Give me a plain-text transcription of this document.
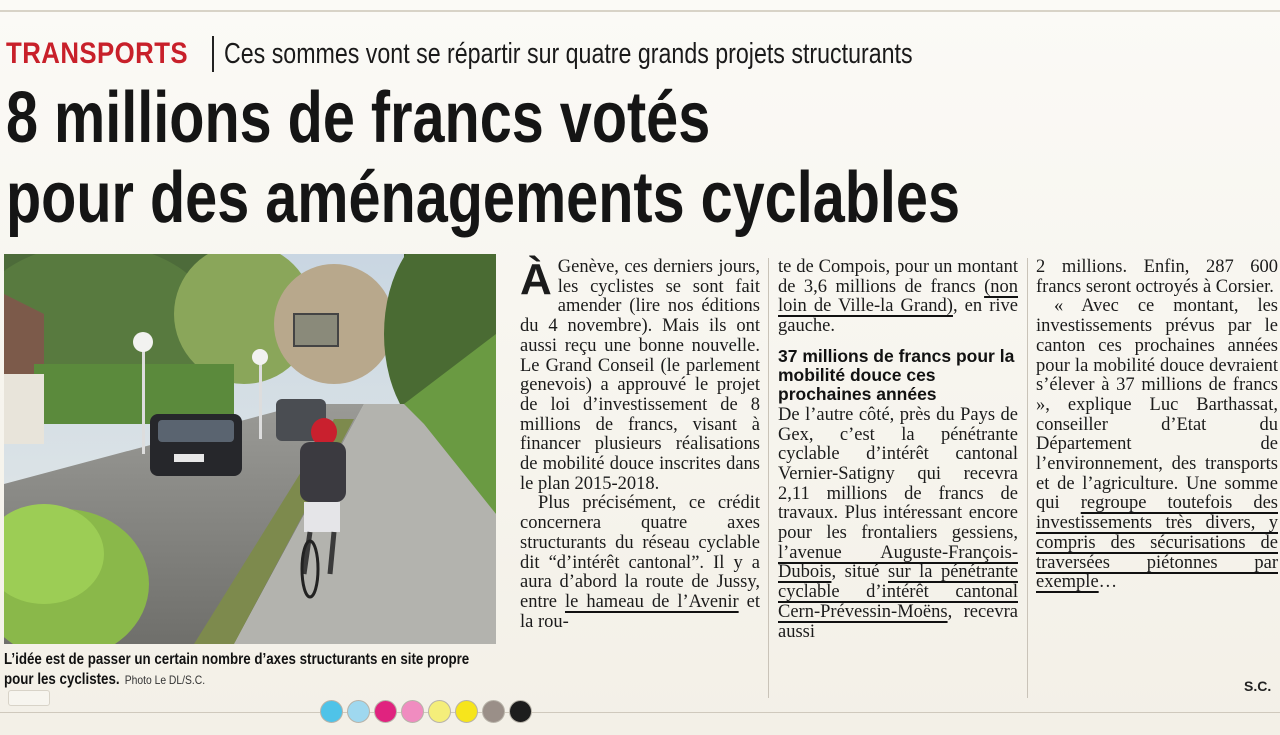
TRANSPORTS Ces sommes vont se répartir sur quatre grands projets structurants
8 millions de francs votés
pour des aménagements cyclables
L’idée est de passer un certain nombre d’axes structurants en site propre pour les cyclistes. Photo Le DL/S.C.

À Genève, ces derniers jours, les cyclistes se sont fait amender (lire nos éditions du 4 novembre). Mais ils ont aussi reçu une bonne nouvelle. Le Grand Conseil (le parlement genevois) a approuvé le projet de loi d’investissement de 8 millions de francs, visant à financer plusieurs réalisations de mobilité douce inscrites dans le plan 2015-2018.

Plus précisément, ce crédit concernera quatre axes structurants du réseau cyclable dit “d’intérêt cantonal”. Il y a aura d’abord la route de Jussy, entre le hameau de l’Avenir et la rou-

te de Compois, pour un montant de 3,6 millions de francs (non loin de Ville-la Grand), en rive gauche.

37 millions de francs pour la mobilité douce ces prochaines années

De l’autre côté, près du Pays de Gex, c’est la pénétrante cyclable d’intérêt cantonal Vernier-Satigny qui recevra 2,11 millions de francs de travaux. Plus intéressant encore pour les frontaliers gessiens, l’avenue Auguste-François-Dubois, situé sur la pénétrante cyclable d’intérêt cantonal Cern-Prévessin-Moëns, recevra aussi

2 millions. Enfin, 287 600 francs seront octroyés à Corsier.

« Avec ce montant, les investissements prévus par le canton ces prochaines années pour la mobilité douce devraient s’élever à 37 millions de francs », explique Luc Barthassat, conseiller d’Etat du Département de l’environnement, des transports et de l’agriculture. Une somme qui regroupe toutefois des investissements très divers, y compris des sécurisations de traversées piétonnes par exemple…

S.C.
